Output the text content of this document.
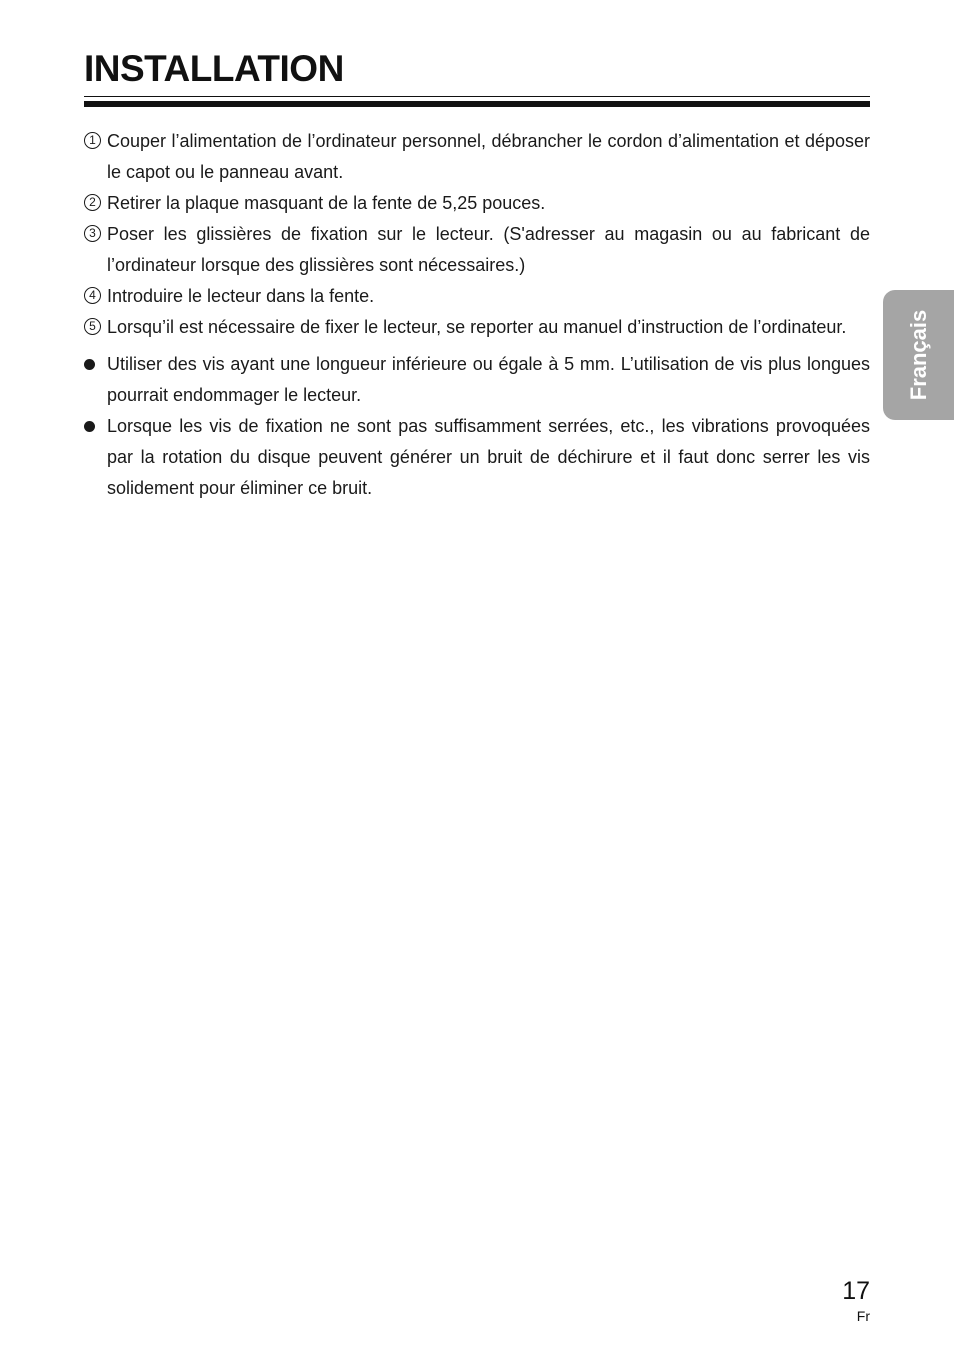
INSTALLATION
1 Couper l’alimentation de l’ordinateur personnel, débrancher le cordon d’alimentation et déposer le capot ou le panneau avant.
2 Retirer la plaque masquant de la fente de 5,25 pouces.
3 Poser les glissières de fixation sur le lecteur. (S'adresser au magasin ou au fabricant de l’ordinateur lorsque des glissières sont nécessaires.)
4 Introduire le lecteur dans la fente.
5 Lorsqu’il est nécessaire de fixer le lecteur, se reporter au manuel d’instruction de l’ordinateur.
Utiliser des vis ayant une longueur inférieure ou égale à 5 mm. L’utilisation de vis plus longues pourrait endommager le lecteur.
Lorsque les vis de fixation ne sont pas suffisamment serrées, etc., les vibrations provoquées par la rotation du disque peuvent générer un bruit de déchirure et il faut donc serrer les vis solidement pour éliminer ce bruit.
Français
17
Fr
